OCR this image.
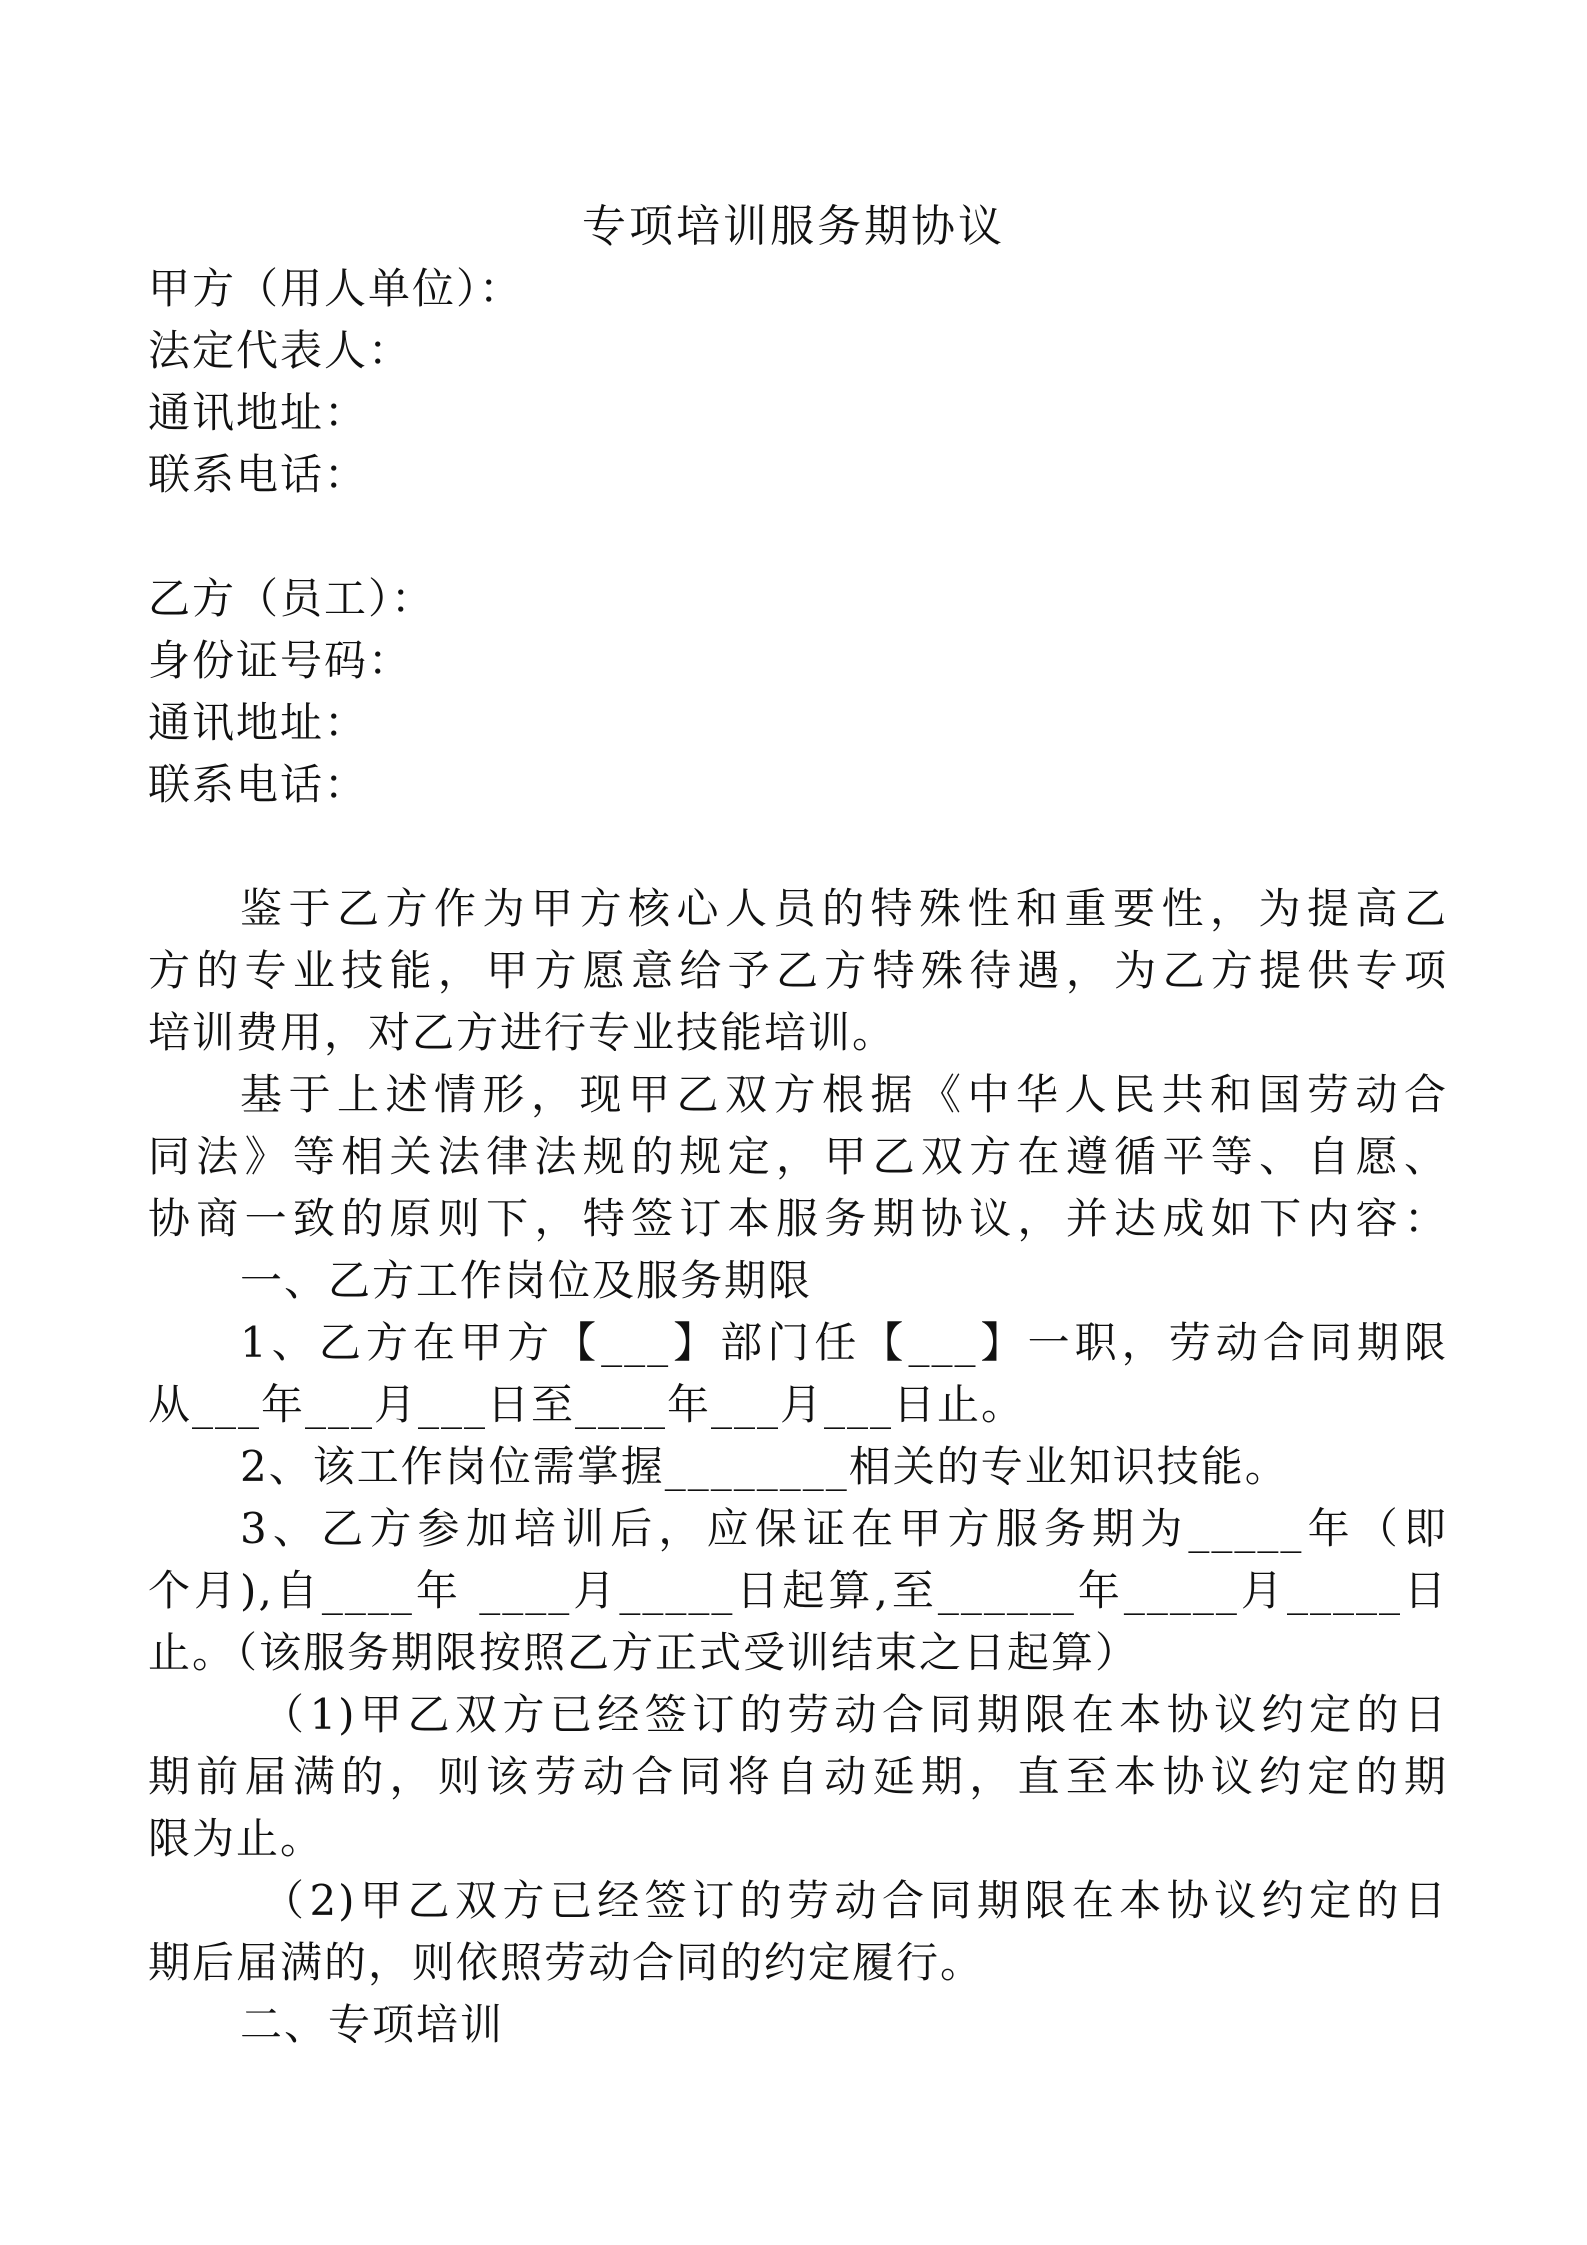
专项培训服务期协议
甲方（用人单位）：
法定代表人：
通讯地址：
联系电话：
乙方（员工）：
身份证号码：
通讯地址：
联系电话：
鉴于乙方作为甲方核心人员的特殊性和重要性，为提高乙
方的专业技能，甲方愿意给予乙方特殊待遇，为乙方提供专项
培训费用，对乙方进行专业技能培训。
基于上述情形，现甲乙双方根据《中华人民共和国劳动合
同法》等相关法律法规的规定，甲乙双方在遵循平等、自愿、
协商一致的原则下，特签订本服务期协议，并达成如下内容：
一、乙方工作岗位及服务期限
1、乙方在甲方【___】部门任【___】一职，劳动合同期限
从___年___月___日至____年___月___日止。
2、该工作岗位需掌握________相关的专业知识技能。
3、乙方参加培训后，应保证在甲方服务期为_____年（即
个月),自____年 ____月_____日起算,至______年_____月_____日
止。（该服务期限按照乙方正式受训结束之日起算）
（1)甲乙双方已经签订的劳动合同期限在本协议约定的日
期前届满的，则该劳动合同将自动延期，直至本协议约定的期
限为止。
（2)甲乙双方已经签订的劳动合同期限在本协议约定的日
期后届满的，则依照劳动合同的约定履行。
二、专项培训
